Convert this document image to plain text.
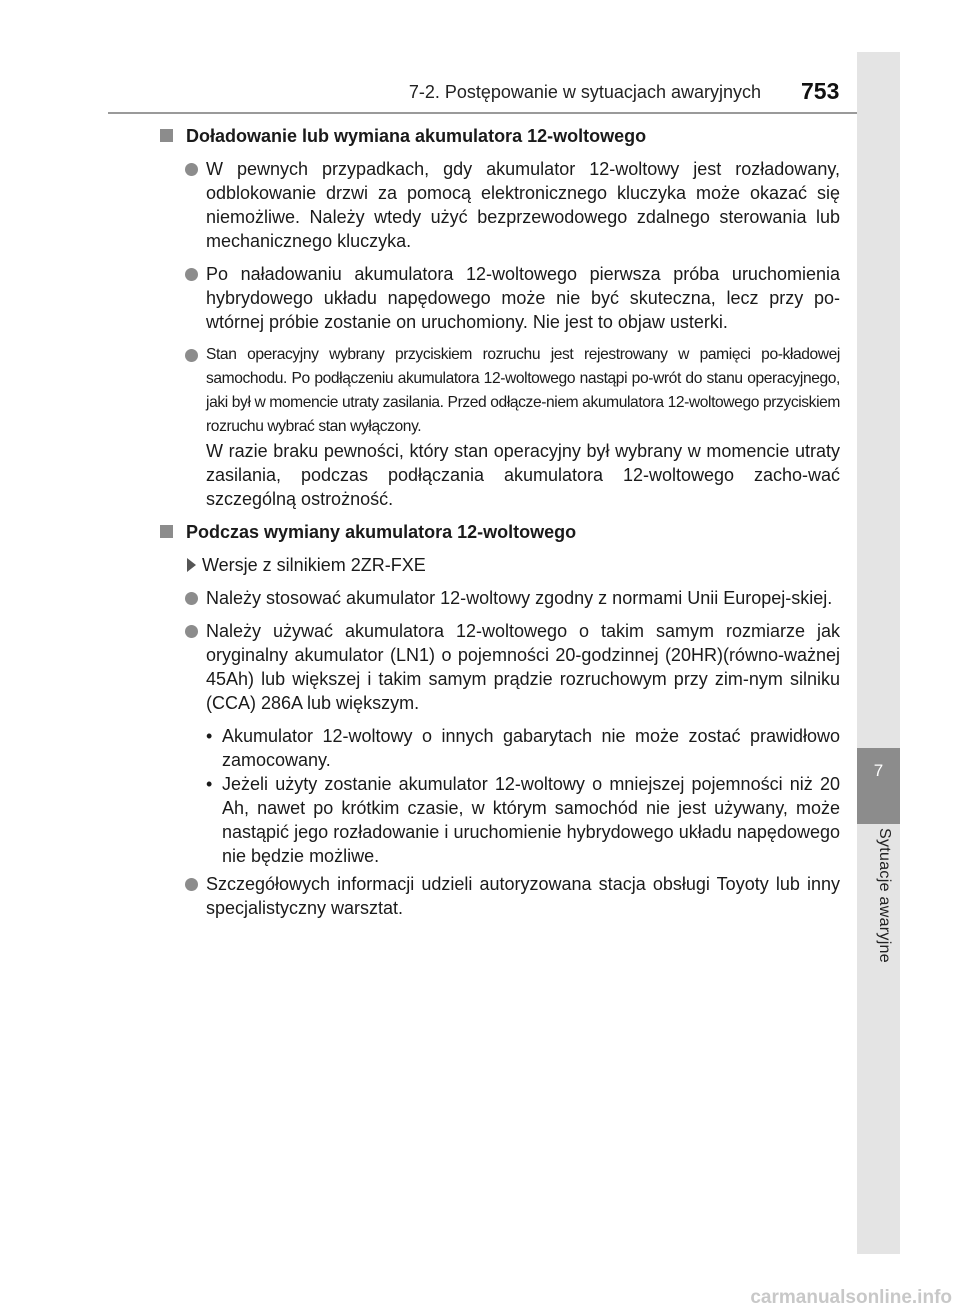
7
Sytuacje awaryjne
7-2. Postępowanie w sytuacjach awaryjnych 753

Doładowanie lub wymiana akumulatora 12-woltowego

W pewnych przypadkach, gdy akumulator 12-woltowy jest rozładowany, odblokowanie drzwi za pomocą elektronicznego kluczyka może okazać się niemożliwe. Należy wtedy użyć bezprzewodowego zdalnego sterowania lub mechanicznego kluczyka.

Po naładowaniu akumulatora 12-woltowego pierwsza próba uruchomienia hybrydowego układu napędowego może nie być skuteczna, lecz przy po-wtórnej próbie zostanie on uruchomiony. Nie jest to objaw usterki.

Stan operacyjny wybrany przyciskiem rozruchu jest rejestrowany w pamięci po-kładowej samochodu. Po podłączeniu akumulatora 12-woltowego nastąpi po-wrót do stanu operacyjnego, jaki był w momencie utraty zasilania. Przed odłącze-niem akumulatora 12-woltowego przyciskiem rozruchu wybrać stan wyłączony.

W razie braku pewności, który stan operacyjny był wybrany w momencie utraty zasilania, podczas podłączania akumulatora 12-woltowego zacho-wać szczególną ostrożność.

Podczas wymiany akumulatora 12-woltowego

Wersje z silnikiem 2ZR-FXE

Należy stosować akumulator 12-woltowy zgodny z normami Unii Europej-skiej.

Należy używać akumulatora 12-woltowego o takim samym rozmiarze jak oryginalny akumulator (LN1) o pojemności 20-godzinnej (20HR)(równo-ważnej 45Ah) lub większej i takim samym prądzie rozruchowym przy zim-nym silniku (CCA) 286A lub większym.

• Akumulator 12-woltowy o innych gabarytach nie może zostać prawidłowo zamocowany.

• Jeżeli użyty zostanie akumulator 12-woltowy o mniejszej pojemności niż 20 Ah, nawet po krótkim czasie, w którym samochód nie jest używany, może nastąpić jego rozładowanie i uruchomienie hybrydowego układu napędowego nie będzie możliwe.

Szczegółowych informacji udzieli autoryzowana stacja obsługi Toyoty lub inny specjalistyczny warsztat.

carmanualsonline.info
